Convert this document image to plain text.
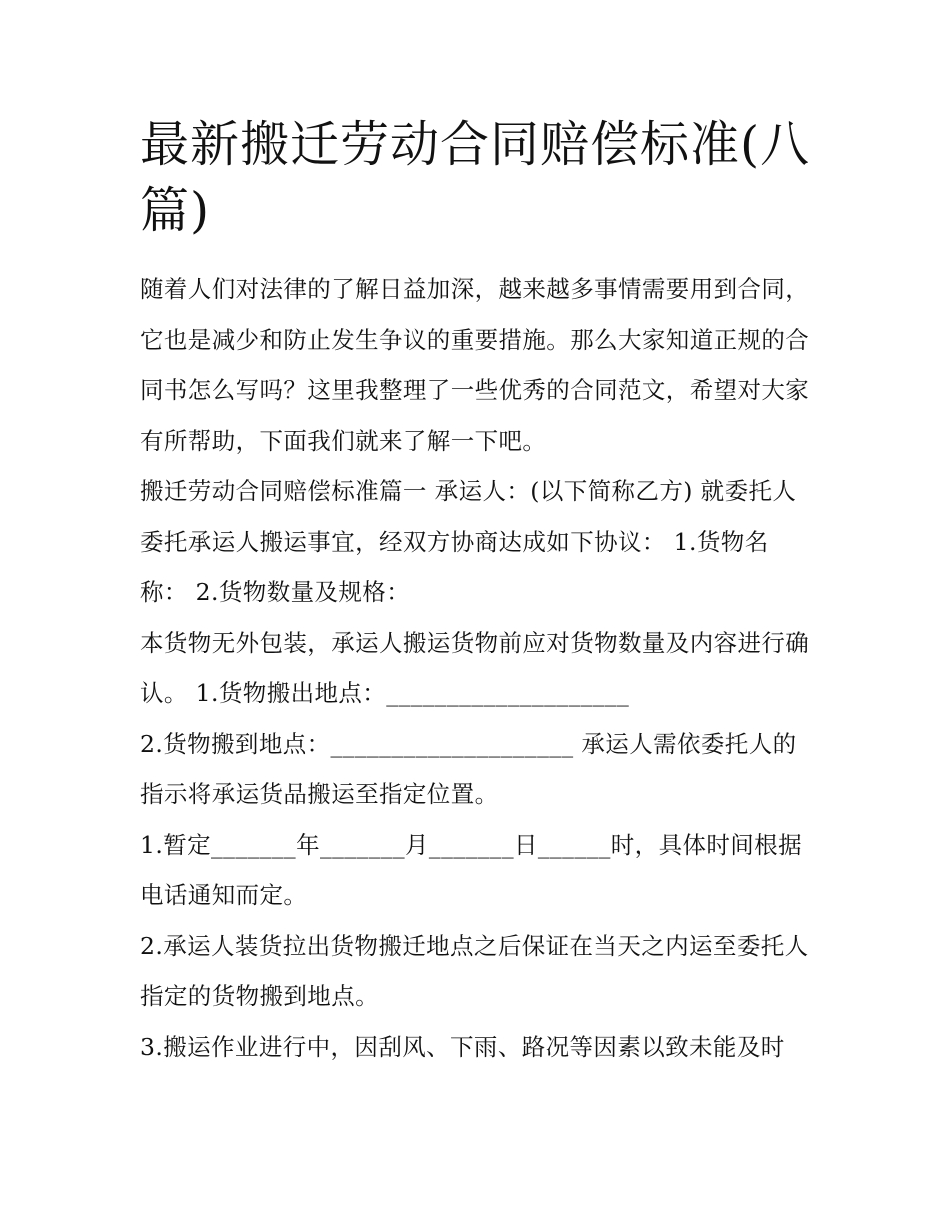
最新搬迁劳动合同赔偿标准(八篇)

随着人们对法律的了解日益加深，越来越多事情需要用到合同，它也是减少和防止发生争议的重要措施。那么大家知道正规的合同书怎么写吗？这里我整理了一些优秀的合同范文，希望对大家有所帮助，下面我们就来了解一下吧。

搬迁劳动合同赔偿标准篇一 承运人：(以下简称乙方) 就委托人委托承运人搬运事宜，经双方协商达成如下协议： 1.货物名称： 2.货物数量及规格：

本货物无外包装，承运人搬运货物前应对货物数量及内容进行确认。 1.货物搬出地点：____________________

2.货物搬到地点：____________________ 承运人需依委托人的指示将承运货品搬运至指定位置。

1.暂定_______年_______月_______日______时，具体时间根据电话通知而定。

2.承运人装货拉出货物搬迁地点之后保证在当天之内运至委托人指定的货物搬到地点。

3.搬运作业进行中，因刮风、下雨、路况等因素以致未能及时
